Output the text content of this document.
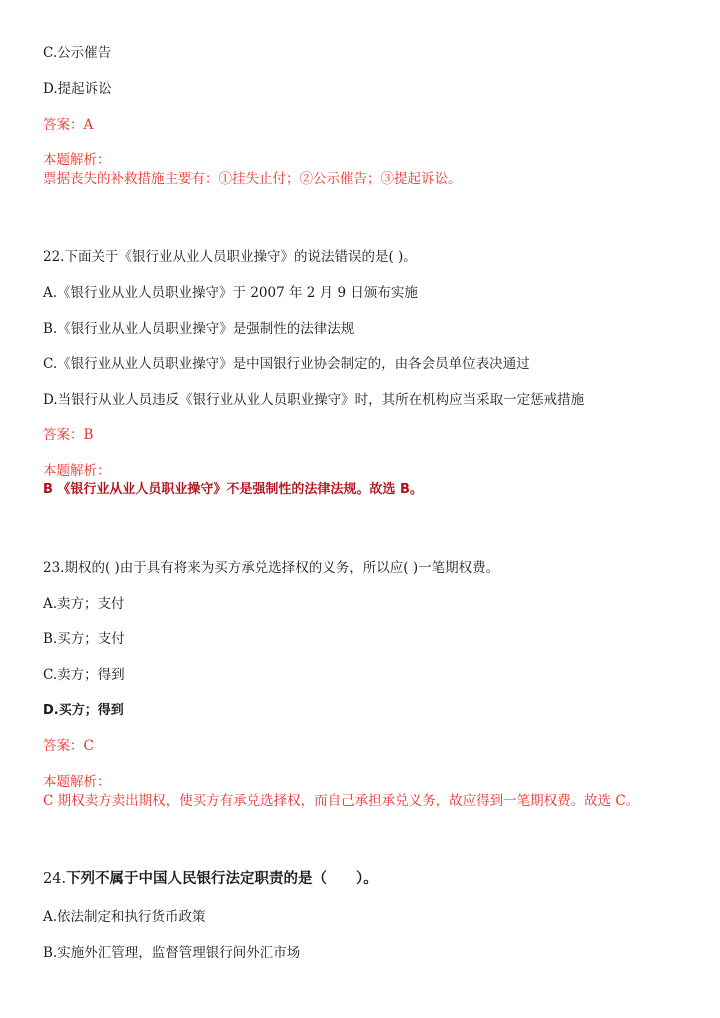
C.公示催告
D.提起诉讼
答案：A
本题解析：
票据丧失的补救措施主要有：①挂失止付；②公示催告；③提起诉讼。
22.下面关于《银行业从业人员职业操守》的说法错误的是( )。
A.《银行业从业人员职业操守》于 2007 年 2 月 9 日颁布实施
B.《银行业从业人员职业操守》是强制性的法律法规
C.《银行业从业人员职业操守》是中国银行业协会制定的，由各会员单位表决通过
D.当银行从业人员违反《银行业从业人员职业操守》时，其所在机构应当采取一定惩戒措施
答案：B
本题解析：
B 《银行业从业人员职业操守》不是强制性的法律法规。故选 B。
23.期权的( )由于具有将来为买方承兑选择权的义务，所以应( )一笔期权费。
A.卖方；支付
B.买方；支付
C.卖方；得到
D.买方；得到
答案：C
本题解析：
C 期权卖方卖出期权，使买方有承兑选择权，而自己承担承兑义务，故应得到一笔期权费。故选 C。
24.下列不属于中国人民银行法定职责的是（　　）。
A.依法制定和执行货币政策
B.实施外汇管理，监督管理银行间外汇市场
